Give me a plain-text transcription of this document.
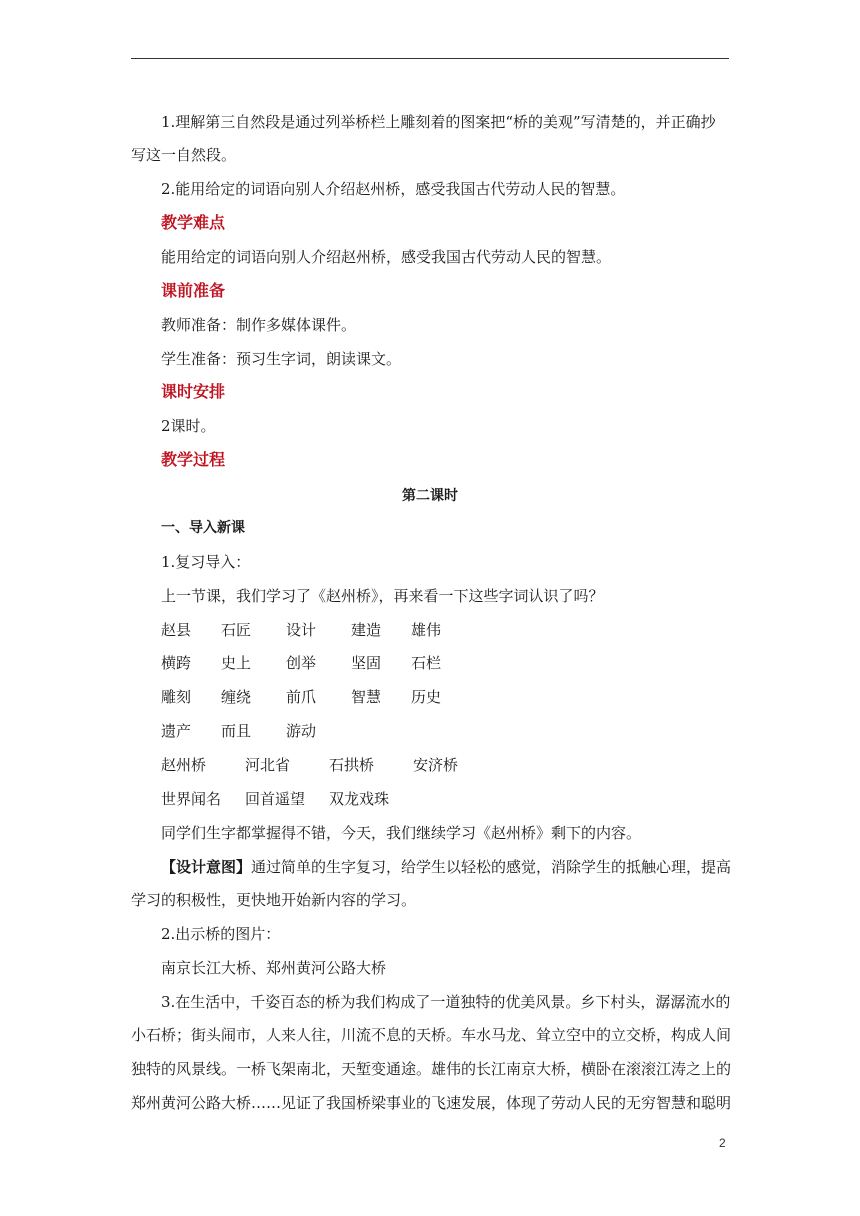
1.理解第三自然段是通过列举桥栏上雕刻着的图案把“桥的美观”写清楚的，并正确抄
写这一自然段。
2.能用给定的词语向别人介绍赵州桥，感受我国古代劳动人民的智慧。
教学难点
能用给定的词语向别人介绍赵州桥，感受我国古代劳动人民的智慧。
课前准备
教师准备：制作多媒体课件。
学生准备：预习生字词，朗读课文。
课时安排
2课时。
教学过程
第二课时
一、导入新课
1.复习导入：
上一节课，我们学习了《赵州桥》，再来看一下这些字词认识了吗？
赵县 石匠 设计 建造 雄伟
横跨 史上 创举 坚固 石栏
雕刻 缠绕 前爪 智慧 历史
遗产 而且 游动
赵州桥	河北省	石拱桥	安济桥
世界闻名 回首遥望 双龙戏珠
同学们生字都掌握得不错，今天，我们继续学习《赵州桥》剩下的内容。
【设计意图】通过简单的生字复习，给学生以轻松的感觉，消除学生的抵触心理，提高
学习的积极性，更快地开始新内容的学习。
2.出示桥的图片：
南京长江大桥、郑州黄河公路大桥
3.在生活中，千姿百态的桥为我们构成了一道独特的优美风景。乡下村头，潺潺流水的
小石桥；街头闹市，人来人往，川流不息的天桥。车水马龙、耸立空中的立交桥，构成人间
独特的风景线。一桥飞架南北，天堑变通途。雄伟的长江南京大桥，横卧在滚滚江涛之上的
郑州黄河公路大桥……见证了我国桥梁事业的飞速发展，体现了劳动人民的无穷智慧和聪明
2
